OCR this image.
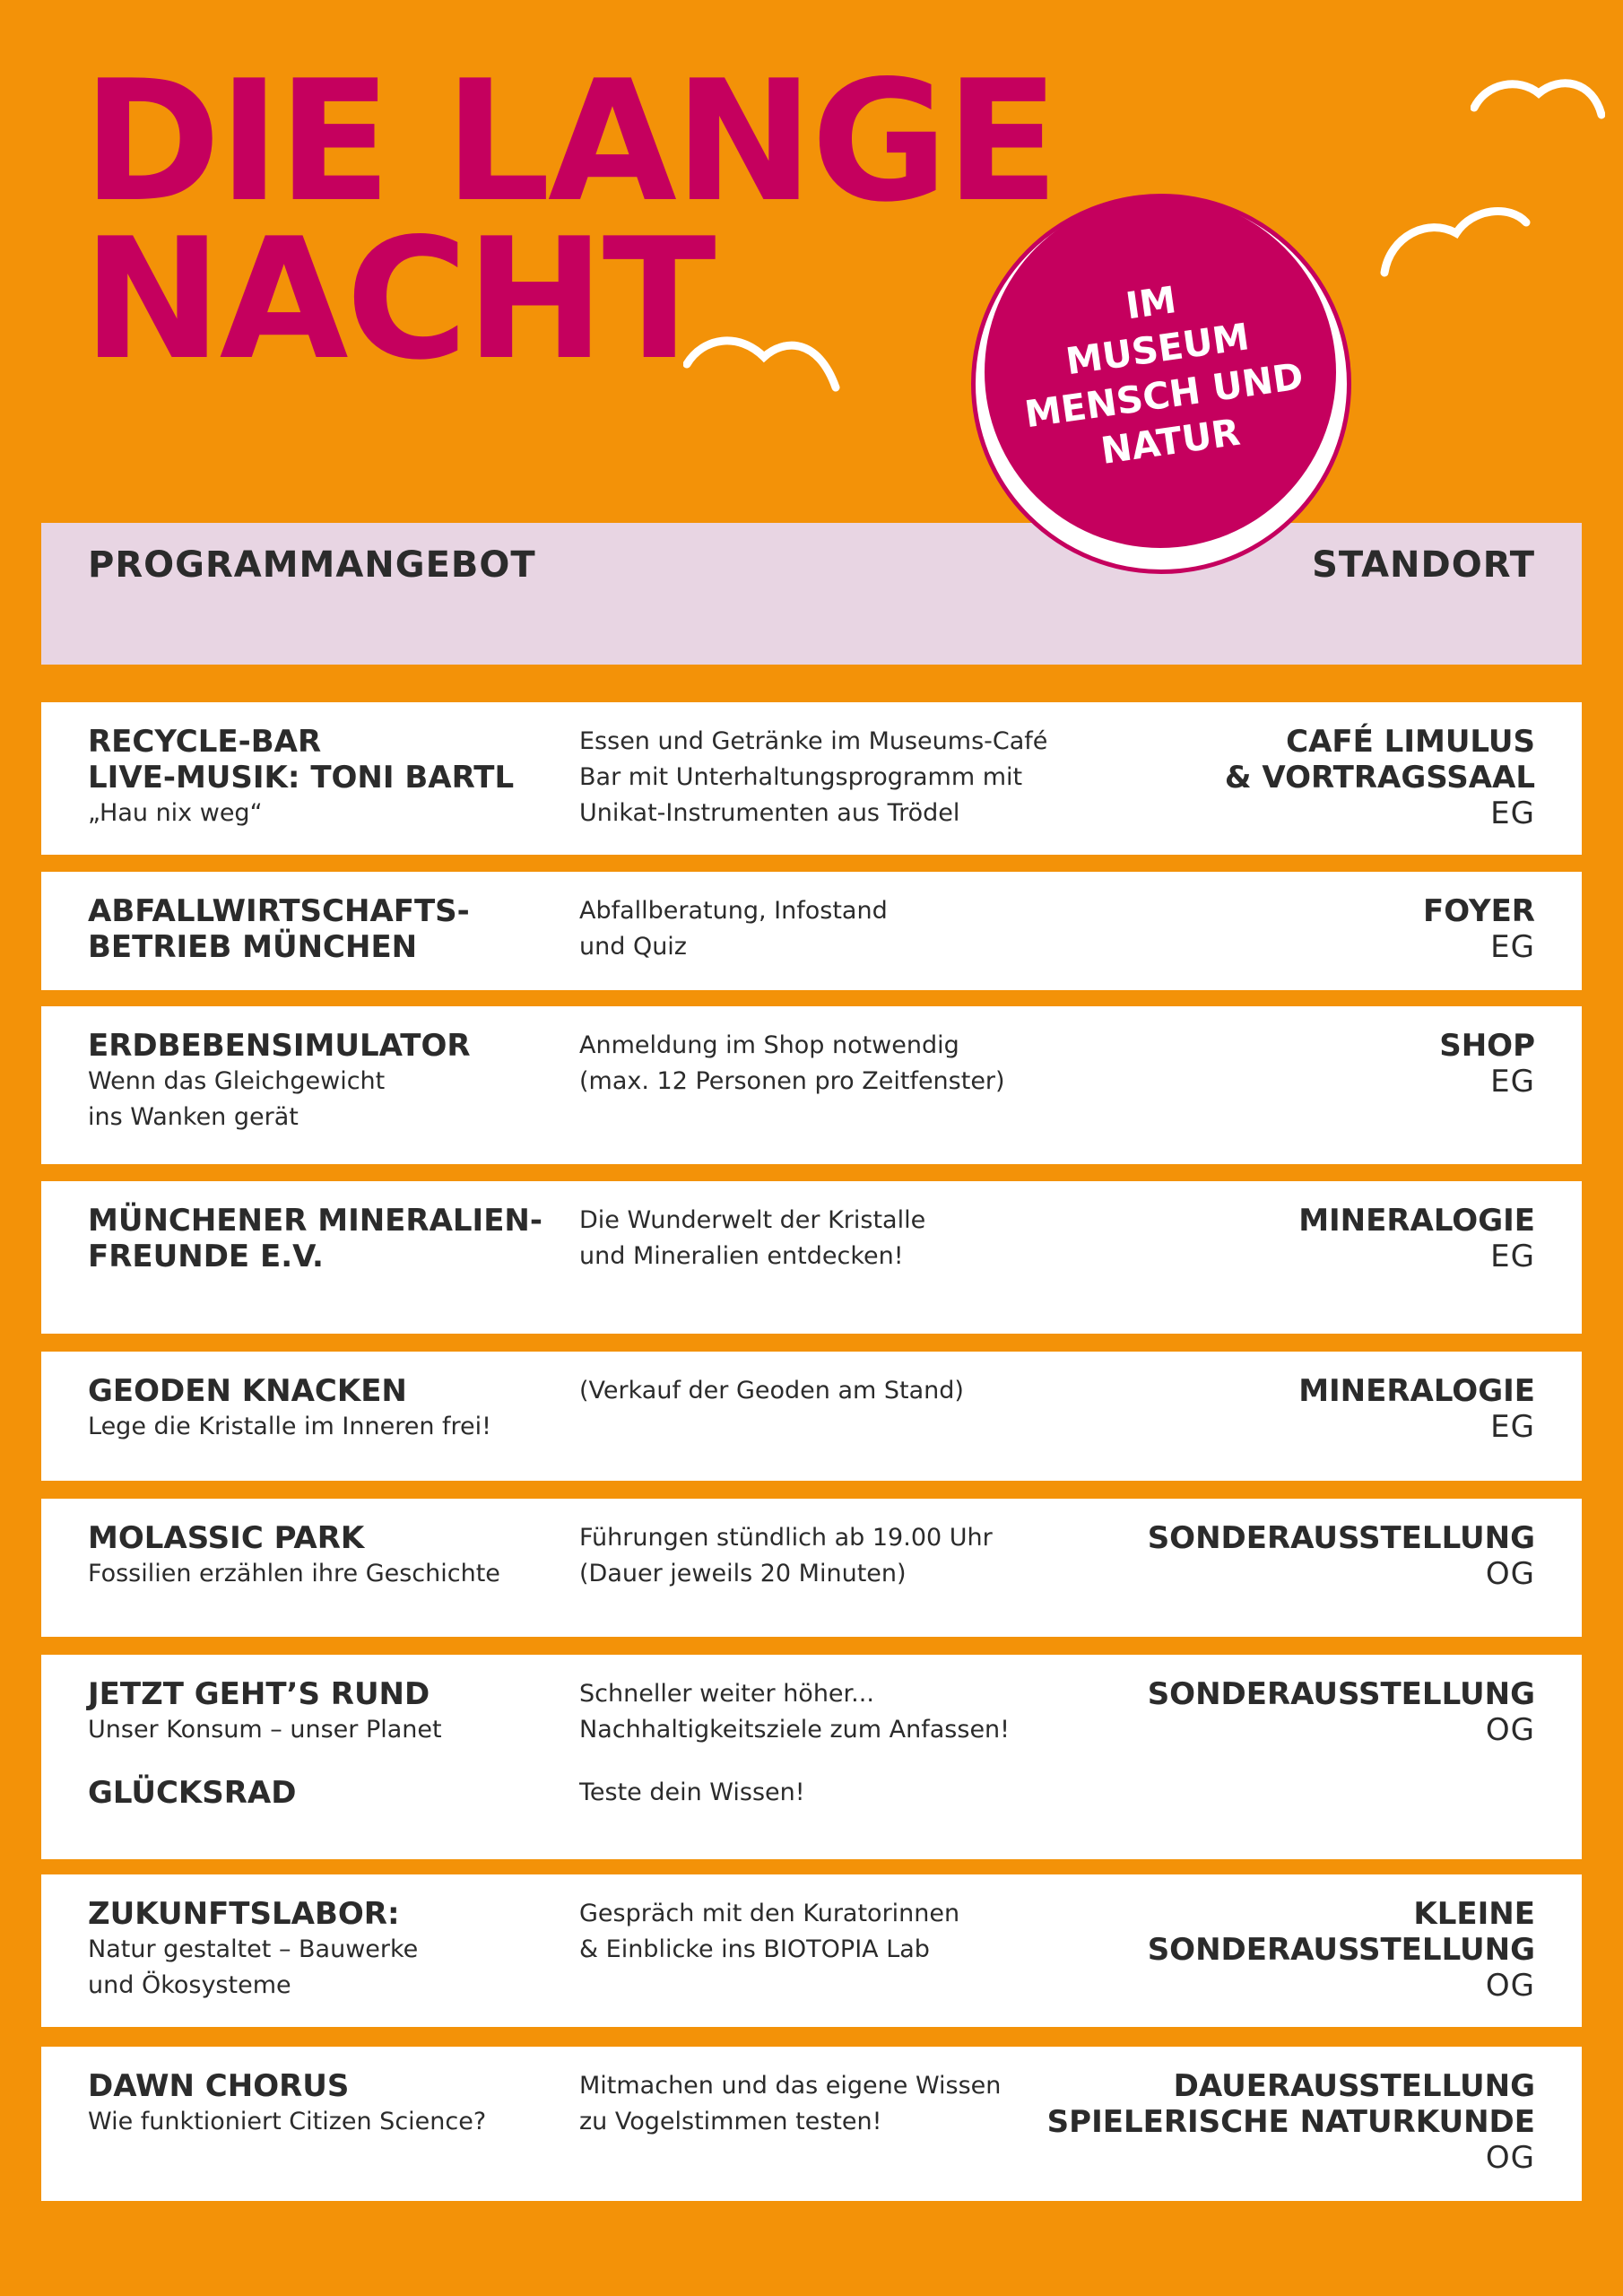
DIE LANGE
NACHT
PROGRAMMANGEBOT	STANDORT
IM
MUSEUM
MENSCH UND
NATUR
RECYCLE-BAR
LIVE-MUSIK: TONI BARTL
„Hau nix weg“
Essen und Getränke im Museums-Café
Bar mit Unterhaltungsprogramm mit
Unikat-Instrumenten aus Trödel
CAFÉ LIMULUS
& VORTRAGSSAAL
EG
ABFALLWIRTSCHAFTS-
BETRIEB MÜNCHEN
Abfallberatung, Infostand
und Quiz
FOYER
EG
ERDBEBENSIMULATOR
Wenn das Gleichgewicht
ins Wanken gerät
Anmeldung im Shop notwendig
(max. 12 Personen pro Zeitfenster)
SHOP
EG
MÜNCHENER MINERALIEN-
FREUNDE E.V.
Die Wunderwelt der Kristalle
und Mineralien entdecken!
MINERALOGIE
EG
GEODEN KNACKEN
Lege die Kristalle im Inneren frei!
(Verkauf der Geoden am Stand)	MINERALOGIE
EG
MOLASSIC PARK
Fossilien erzählen ihre Geschichte
Führungen stündlich ab 19.00 Uhr
(Dauer jeweils 20 Minuten)
SONDERAUSSTELLUNG
OG
JETZT GEHT’S RUND
Unser Konsum – unser Planet
GLÜCKSRAD
Schneller weiter höher...
Nachhaltigkeitsziele zum Anfassen!
Teste dein Wissen!
SONDERAUSSTELLUNG
OG
ZUKUNFTSLABOR:
Natur gestaltet – Bauwerke
und Ökosysteme
Gespräch mit den Kuratorinnen
& Einblicke ins BIOTOPIA Lab
KLEINE
SONDERAUSSTELLUNG
OG
DAWN CHORUS
Wie funktioniert Citizen Science?
Mitmachen und das eigene Wissen
zu Vogelstimmen testen!
DAUERAUSSTELLUNG
SPIELERISCHE NATURKUNDE
OG
